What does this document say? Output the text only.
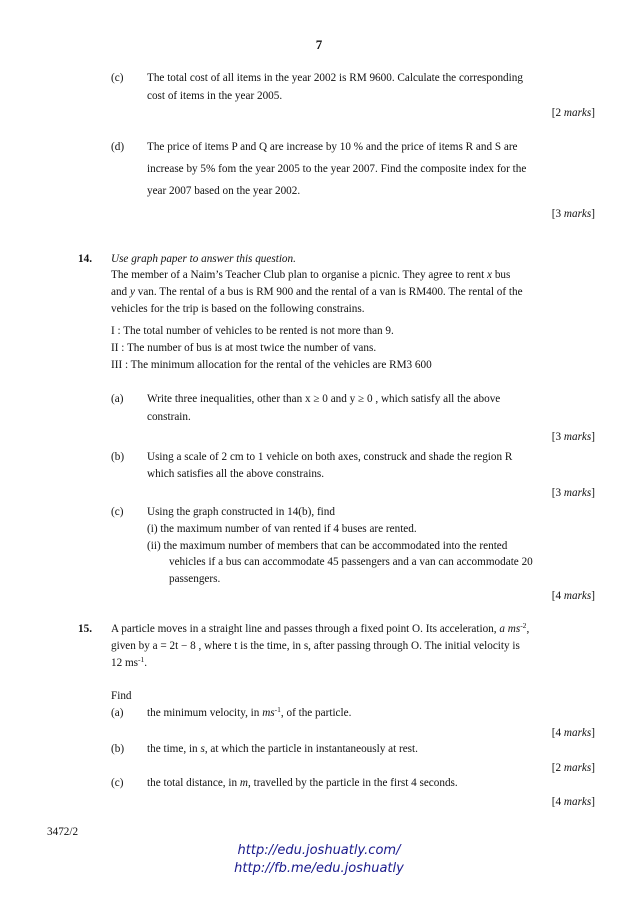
7
(c) The total cost of all items in the year 2002 is RM 9600. Calculate the corresponding
cost of items in the year 2005.
[2 marks]
(d) The price of items P and Q are increase by 10 % and the price of items R and S are
increase by 5% fom the year 2005 to the year 2007. Find the composite index for the
year 2007 based on the year 2002.
[3 marks]
14. Use graph paper to answer this question.
The member of a Naim’s Teacher Club plan to organise a picnic. They agree to rent x bus
and y van. The rental of a bus is RM 900 and the rental of a van is RM400. The rental of the
vehicles for the trip is based on the following constrains.
I : The total number of vehicles to be rented is not more than 9.
II : The number of bus is at most twice the number of vans.
III : The minimum allocation for the rental of the vehicles are RM3 600
(a) Write three inequalities, other than x ≥ 0 and y ≥ 0 , which satisfy all the above
constrain.
[3 marks]
(b) Using a scale of 2 cm to 1 vehicle on both axes, construck and shade the region R
which satisfies all the above constrains.
[3 marks]
(c) Using the graph constructed in 14(b), find
(i) the maximum number of van rented if 4 buses are rented.
(ii) the maximum number of members that can be accommodated into the rented
vehicles if a bus can accommodate 45 passengers and a van can accommodate 20
passengers.
[4 marks]
15. A particle moves in a straight line and passes through a fixed point O. Its acceleration, a $ms^{-2}$,
given by a = 2t − 8 , where t is the time, in s, after passing through O. The initial velocity is
12 $ms^{-1}$.
Find
(a) the minimum velocity, in $ms^{-1}$, of the particle.
[4 marks]
(b) the time, in s, at which the particle in instantaneously at rest.
[2 marks]
(c) the total distance, in m, travelled by the particle in the first 4 seconds.
[4 marks]
3472/2
http://edu.joshuatly.com/
http://fb.me/edu.joshuatly
